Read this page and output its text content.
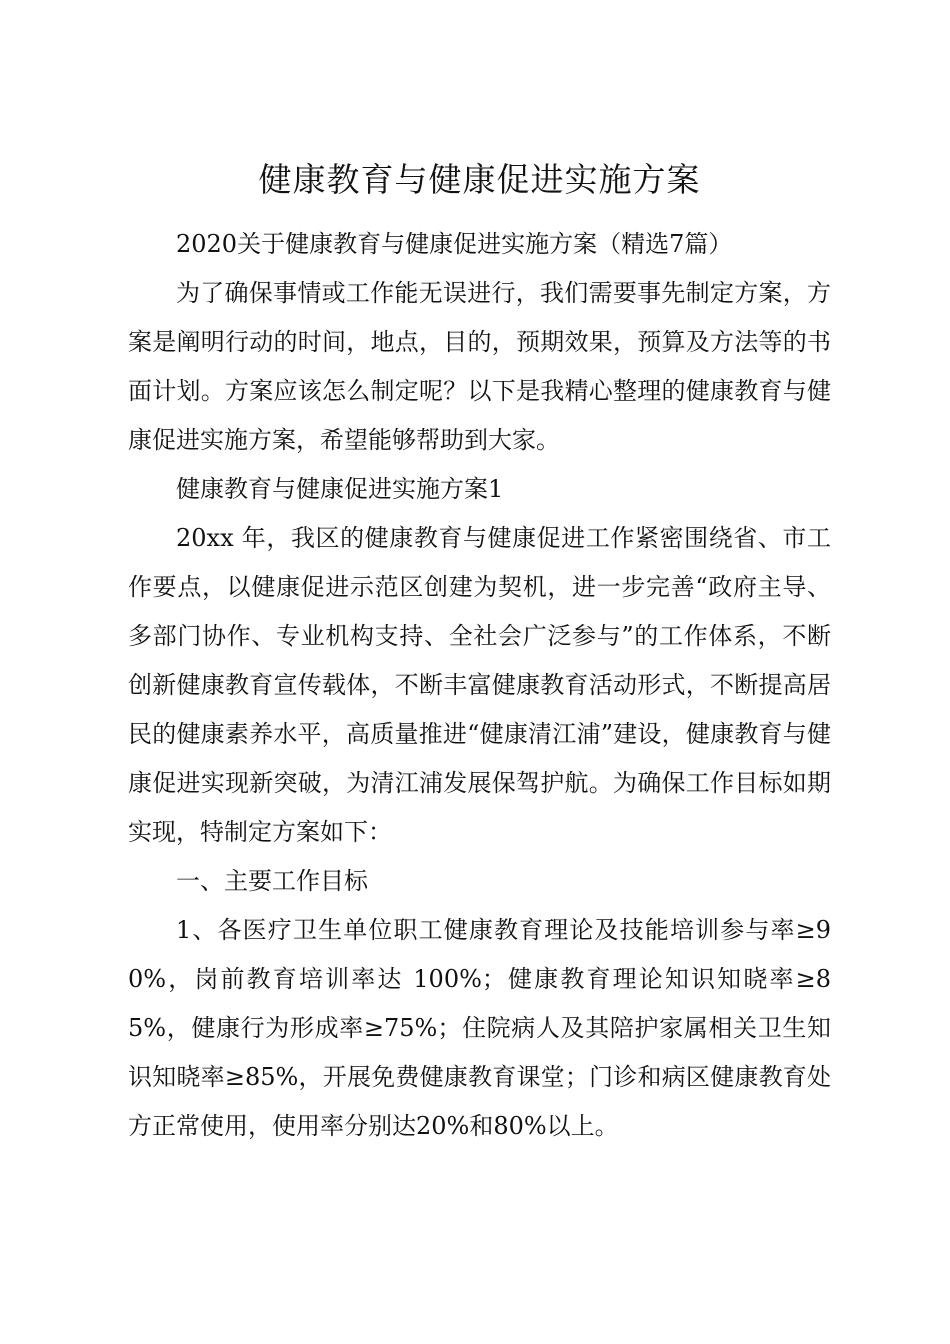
健康教育与健康促进实施方案

2020关于健康教育与健康促进实施方案（精选7篇）

为了确保事情或工作能无误进行，我们需要事先制定方案，方案是阐明行动的时间，地点，目的，预期效果，预算及方法等的书面计划。方案应该怎么制定呢？以下是我精心整理的健康教育与健康促进实施方案，希望能够帮助到大家。

健康教育与健康促进实施方案1

20xx 年，我区的健康教育与健康促进工作紧密围绕省、市工作要点，以健康促进示范区创建为契机，进一步完善“政府主导、多部门协作、专业机构支持、全社会广泛参与”的工作体系，不断创新健康教育宣传载体，不断丰富健康教育活动形式，不断提高居民的健康素养水平，高质量推进“健康清江浦”建设，健康教育与健康促进实现新突破，为清江浦发展保驾护航。为确保工作目标如期实现，特制定方案如下：

一、主要工作目标

1、各医疗卫生单位职工健康教育理论及技能培训参与率≥90%，岗前教育培训率达 100%；健康教育理论知识知晓率≥85%，健康行为形成率≥75%；住院病人及其陪护家属相关卫生知识知晓率≥85%，开展免费健康教育课堂；门诊和病区健康教育处方正常使用，使用率分别达20%和80%以上。
